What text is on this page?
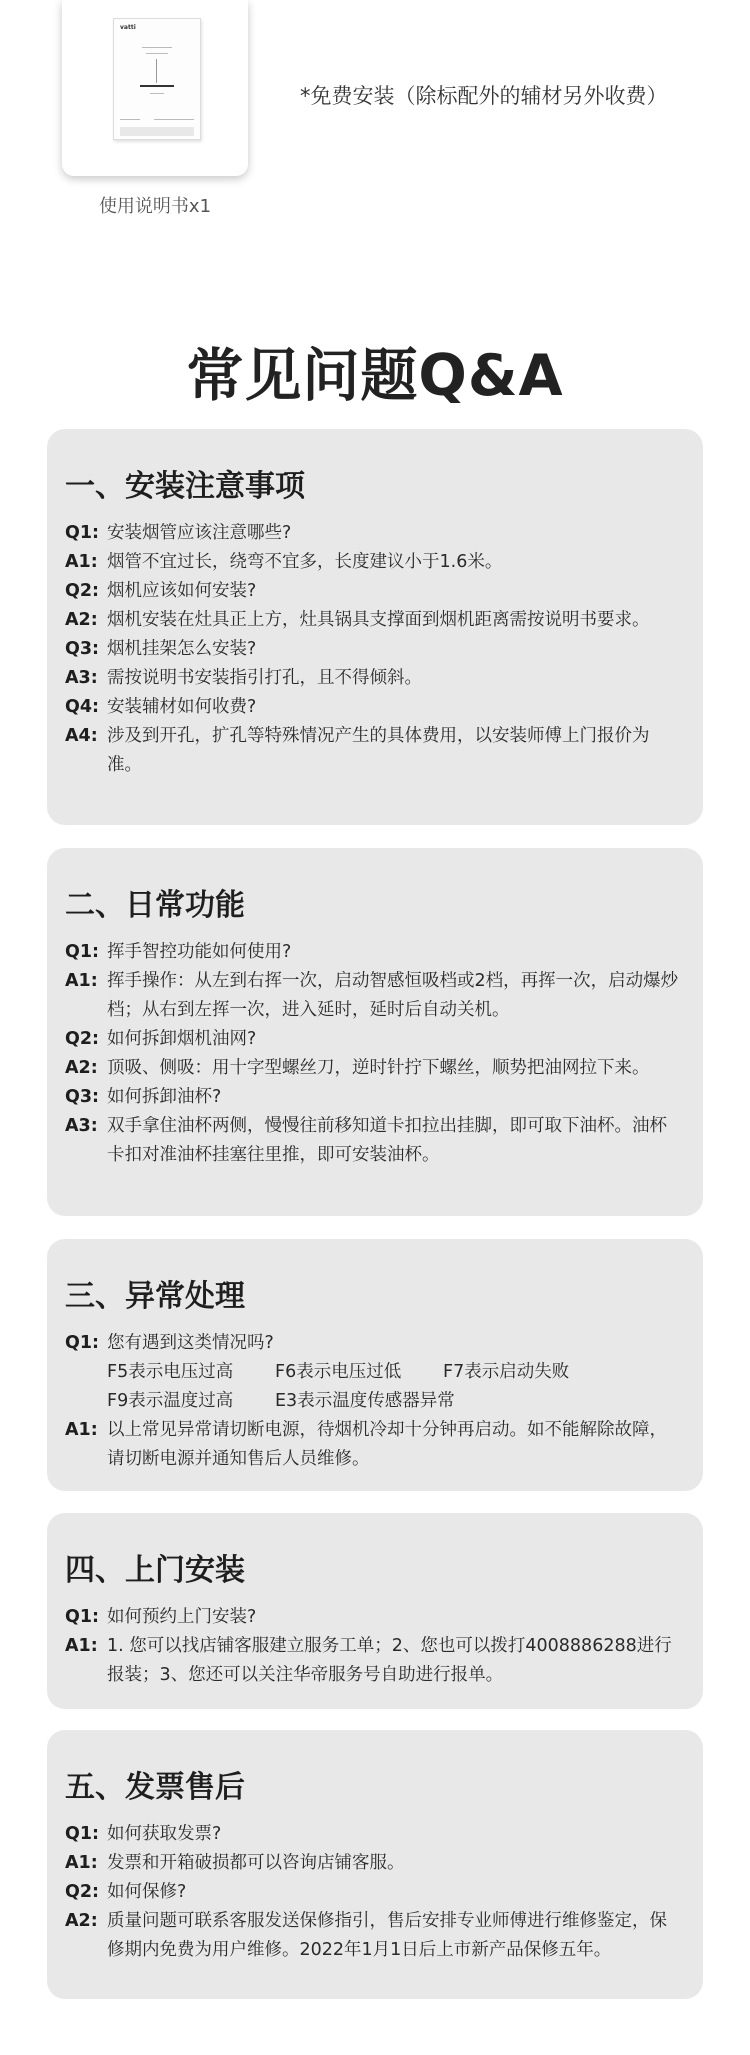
vatti
使用说明书x1
*免费安装（除标配外的辅材另外收费）
常见问题Q&A
一、安装注意事项
Q1: 安装烟管应该注意哪些?
A1: 烟管不宜过长，绕弯不宜多，长度建议小于1.6米。
Q2: 烟机应该如何安装?
A2: 烟机安装在灶具正上方，灶具锅具支撑面到烟机距离需按说明书要求。
Q3: 烟机挂架怎么安装?
A3: 需按说明书安装指引打孔，且不得倾斜。
Q4: 安装辅材如何收费?
A4: 涉及到开孔，扩孔等特殊情况产生的具体费用，以安装师傅上门报价为准。
二、日常功能
Q1: 挥手智控功能如何使用?
A1: 挥手操作：从左到右挥一次，启动智感恒吸档或2档，再挥一次，启动爆炒档；从右到左挥一次，进入延时，延时后自动关机。
Q2: 如何拆卸烟机油网?
A2: 顶吸、侧吸：用十字型螺丝刀，逆时针拧下螺丝，顺势把油网拉下来。
Q3: 如何拆卸油杯?
A3: 双手拿住油杯两侧，慢慢往前移知道卡扣拉出挂脚，即可取下油杯。油杯卡扣对准油杯挂塞往里推，即可安装油杯。
三、异常处理
Q1: 您有遇到这类情况吗?
F5表示电压过高 F6表示电压过低 F7表示启动失败
F9表示温度过高 E3表示温度传感器异常
A1: 以上常见异常请切断电源，待烟机冷却十分钟再启动。如不能解除故障，请切断电源并通知售后人员维修。
四、上门安装
Q1: 如何预约上门安装?
A1: 1. 您可以找店铺客服建立服务工单；2、您也可以拨打4008886288进行报装；3、您还可以关注华帝服务号自助进行报单。
五、发票售后
Q1: 如何获取发票?
A1: 发票和开箱破损都可以咨询店铺客服。
Q2: 如何保修?
A2: 质量问题可联系客服发送保修指引，售后安排专业师傅进行维修鉴定，保修期内免费为用户维修。2022年1月1日后上市新产品保修五年。
